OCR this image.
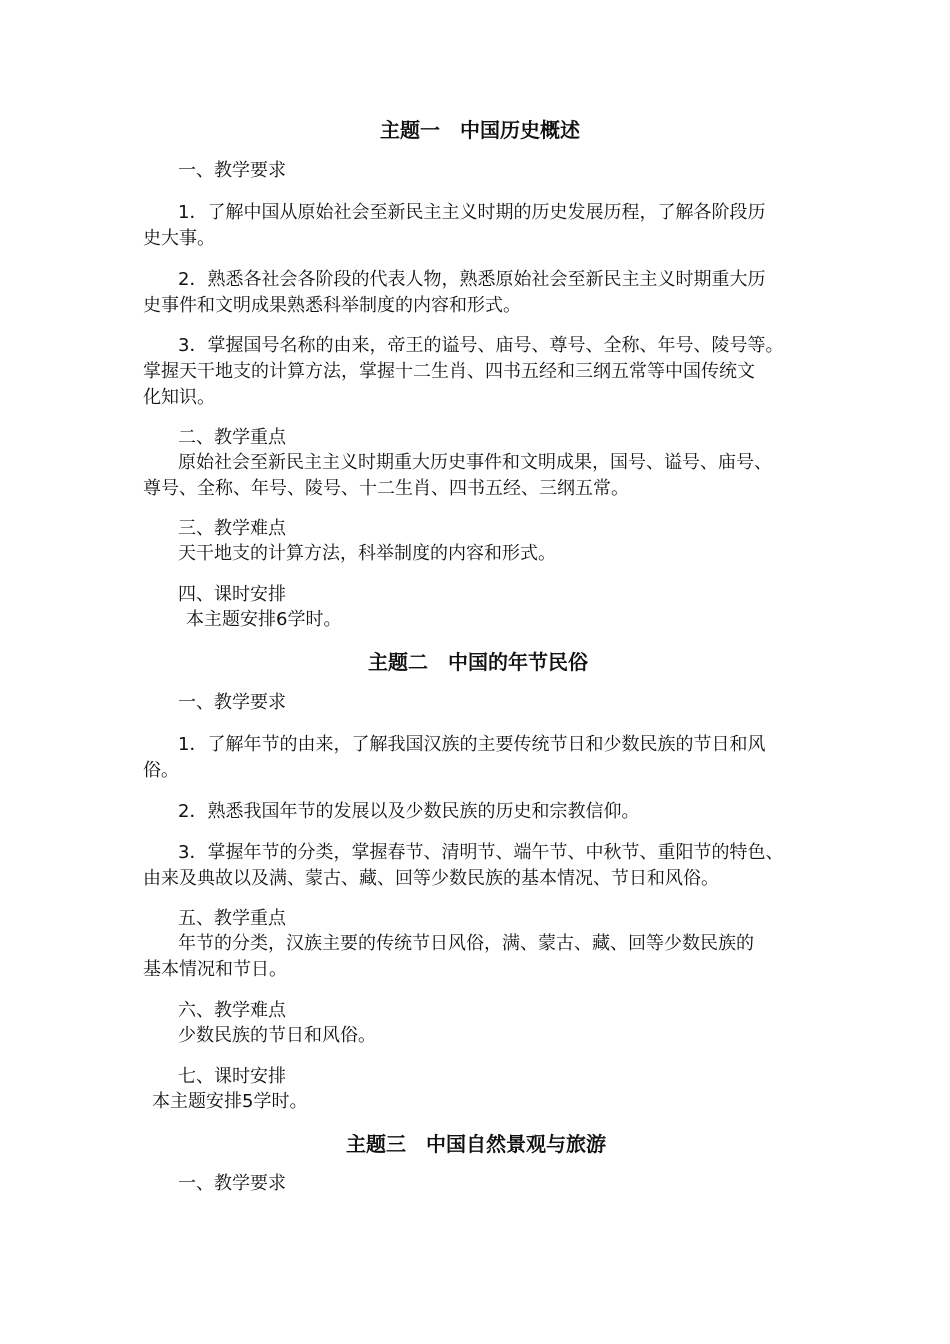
主题一　中国历史概述
一、教学要求
1．了解中国从原始社会至新民主主义时期的历史发展历程，了解各阶段历
史大事。
2．熟悉各社会各阶段的代表人物，熟悉原始社会至新民主主义时期重大历
史事件和文明成果熟悉科举制度的内容和形式。
3．掌握国号名称的由来，帝王的谥号、庙号、尊号、全称、年号、陵号等。
掌握天干地支的计算方法，掌握十二生肖、四书五经和三纲五常等中国传统文
化知识。
二、教学重点
原始社会至新民主主义时期重大历史事件和文明成果，国号、谥号、庙号、
尊号、全称、年号、陵号、十二生肖、四书五经、三纲五常。
三、教学难点
天干地支的计算方法，科举制度的内容和形式。
四、课时安排
本主题安排6学时。
主题二　中国的年节民俗
一、教学要求
1．了解年节的由来，了解我国汉族的主要传统节日和少数民族的节日和风
俗。
2．熟悉我国年节的发展以及少数民族的历史和宗教信仰。
3．掌握年节的分类，掌握春节、清明节、端午节、中秋节、重阳节的特色、
由来及典故以及满、蒙古、藏、回等少数民族的基本情况、节日和风俗。
五、教学重点
年节的分类，汉族主要的传统节日风俗，满、蒙古、藏、回等少数民族的
基本情况和节日。
六、教学难点
少数民族的节日和风俗。
七、课时安排
本主题安排5学时。
主题三　中国自然景观与旅游
一、教学要求
